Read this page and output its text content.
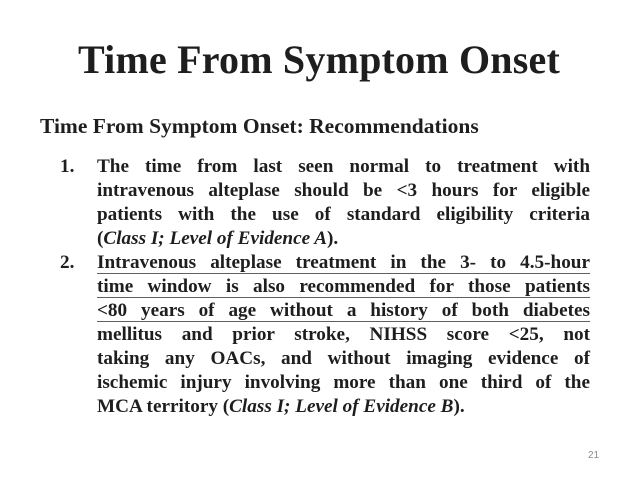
Time From Symptom Onset
Time From Symptom Onset: Recommendations
1. The time from last seen normal to treatment with
intravenous alteplase should be <3 hours for eligible
patients with the use of standard eligibility criteria
(Class I; Level of Evidence A).
2. Intravenous alteplase treatment in the 3- to 4.5-hour
time window is also recommended for those patients
<80 years of age without a history of both diabetes
mellitus and prior stroke, NIHSS score <25, not
taking any OACs, and without imaging evidence of
ischemic injury involving more than one third of the
MCA territory (Class I; Level of Evidence B).
21
